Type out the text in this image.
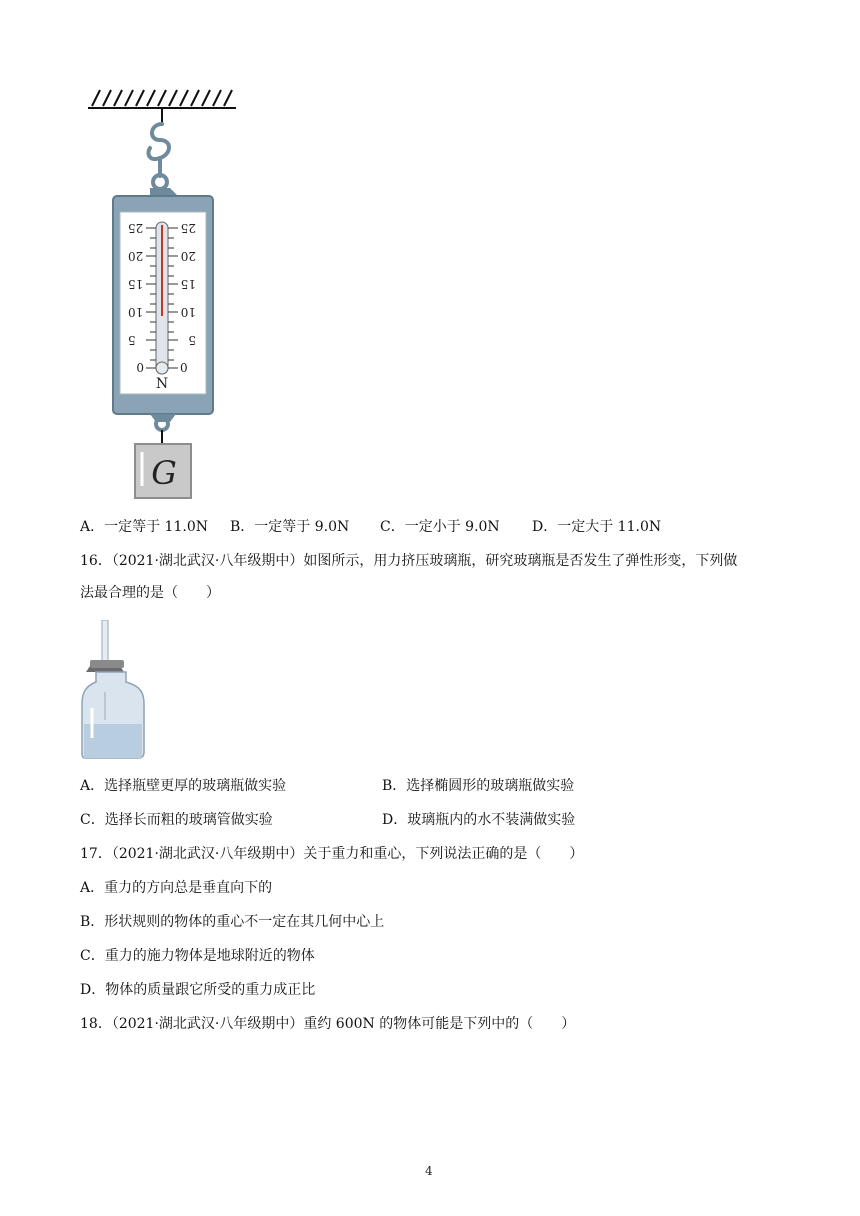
25
20
15
10
5
0
25
20
15
10
5
0
N
G
A．一定等于 11.0N B．一定等于 9.0N C．一定小于 9.0N D．一定大于 11.0N
16．（2021·湖北武汉·八年级期中）如图所示，用力挤压玻璃瓶，研究玻璃瓶是否发生了弹性形变，下列做
法最合理的是（　　）
A．选择瓶壁更厚的玻璃瓶做实验	B．选择椭圆形的玻璃瓶做实验
C．选择长而粗的玻璃管做实验	D．玻璃瓶内的水不装满做实验
17．（2021·湖北武汉·八年级期中）关于重力和重心，下列说法正确的是（　　）
A．重力的方向总是垂直向下的
B．形状规则的物体的重心不一定在其几何中心上
C．重力的施力物体是地球附近的物体
D．物体的质量跟它所受的重力成正比
18．（2021·湖北武汉·八年级期中）重约 600N 的物体可能是下列中的（　　）
4
